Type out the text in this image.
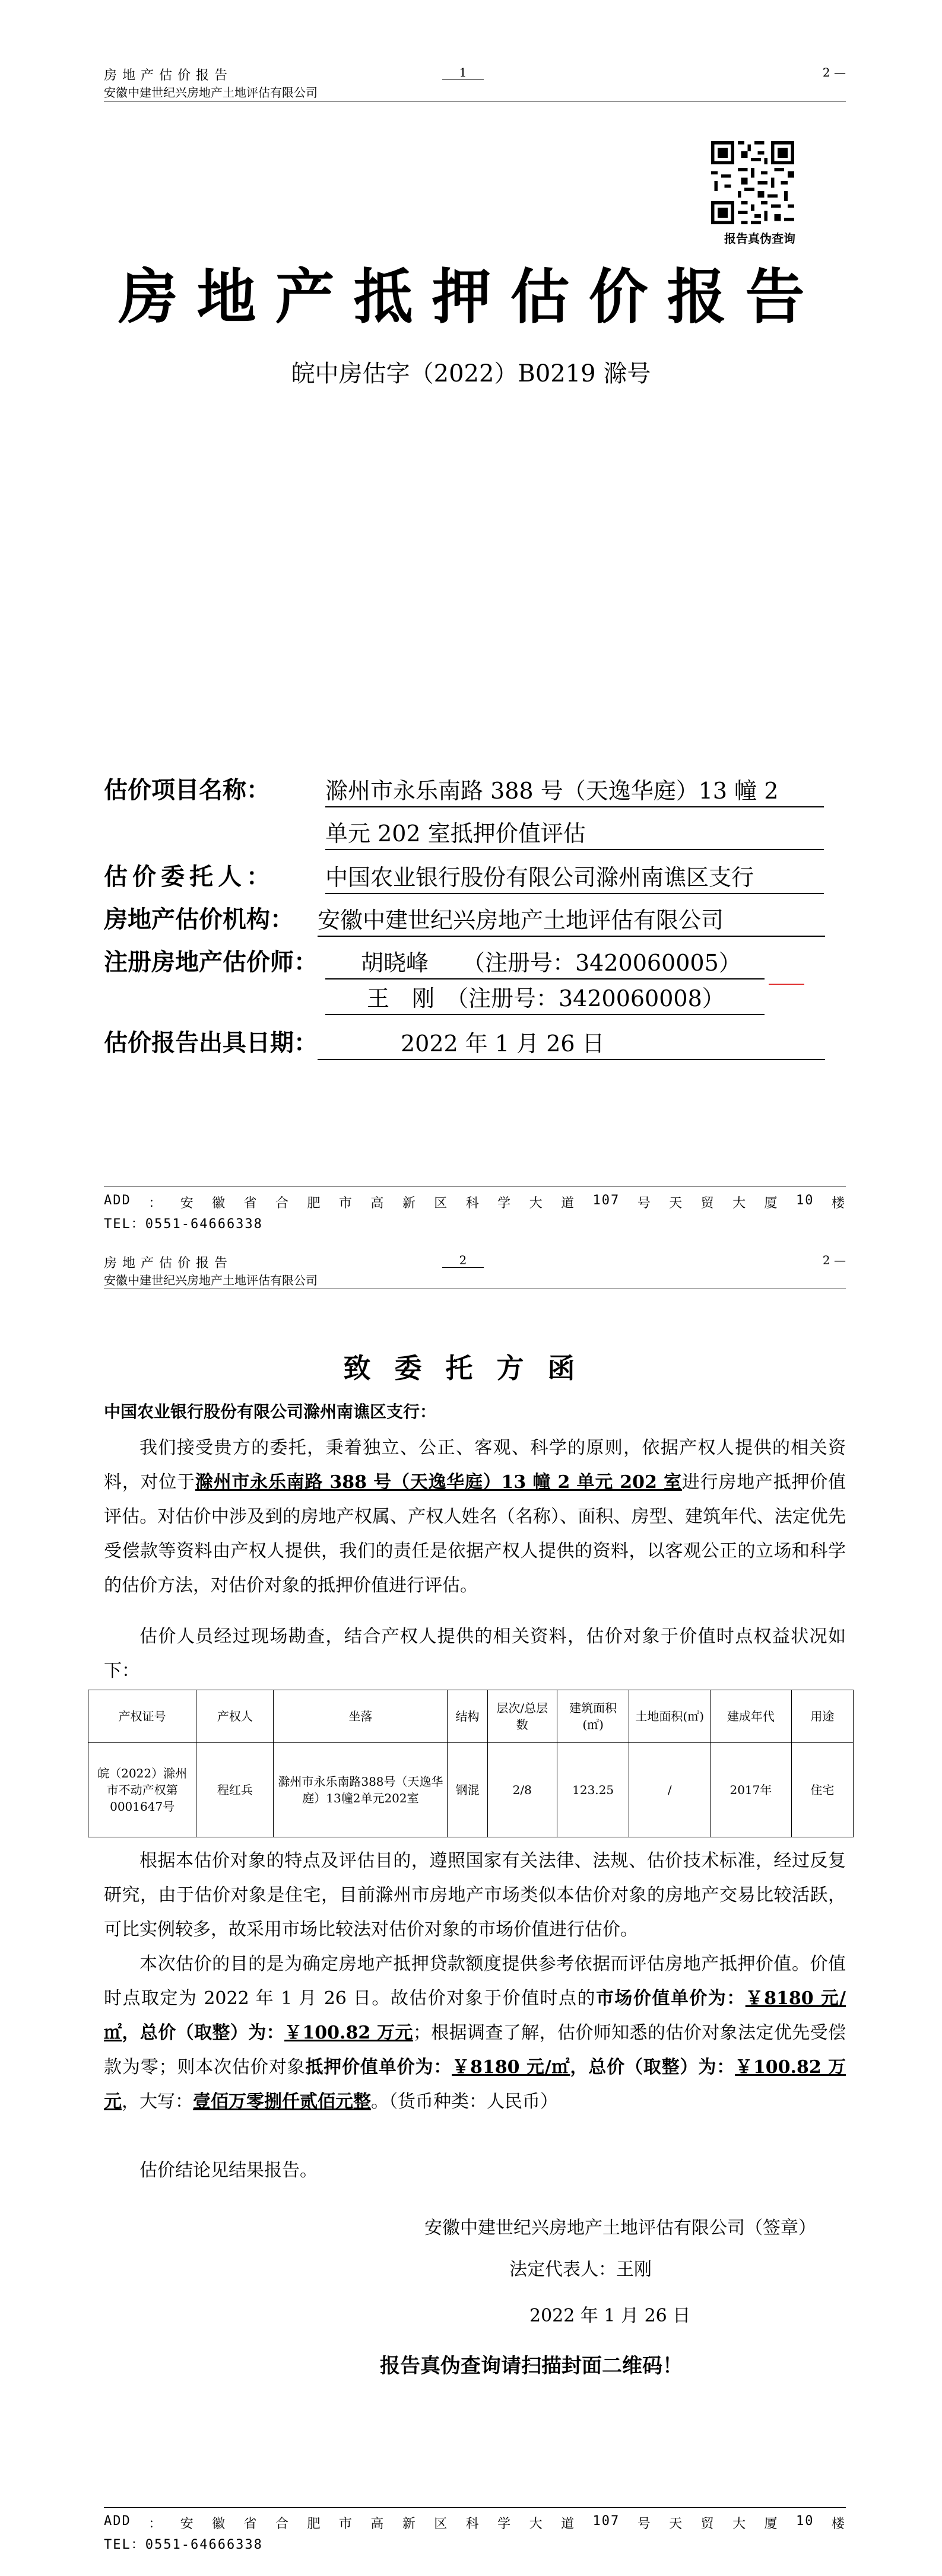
房地产估价报告
安徽中建世纪兴房地产土地评估有限公司
1	2 —
报告真伪查询
房地产抵押估价报告
皖中房估字（2022）B0219 滁号
估价项目名称： 滁州市永乐南路 388 号（天逸华庭）13 幢 2
单元 202 室抵押价值评估
估价委托人： 中国农业银行股份有限公司滁州南谯区支行
房地产估价机构： 安徽中建世纪兴房地产土地评估有限公司
注册房地产估价师：	胡晓峰　　（注册号：3420060005）
王　刚　（注册号：3420060008）
估价报告出具日期：	2022 年 1 月 26 日
ADD ： 安 徽 省 合 肥 市 高 新 区 科 学 大 道 107 号 天 贸 大 厦 10 楼
TEL：0551-64666338
房地产估价报告
安徽中建世纪兴房地产土地评估有限公司
2	2 —
致委托方函
中国农业银行股份有限公司滁州南谯区支行：
我们接受贵方的委托，秉着独立、公正、客观、科学的原则，依据产权人提供的相关资料，对位于滁州市永乐南路 388 号（天逸华庭）13 幢 2 单元 202 室进行房地产抵押价值评估。对估价中涉及到的房地产权属、产权人姓名（名称）、面积、房型、建筑年代、法定优先受偿款等资料由产权人提供，我们的责任是依据产权人提供的资料，以客观公正的立场和科学的估价方法，对估价对象的抵押价值进行评估。
估价人员经过现场勘查，结合产权人提供的相关资料，估价对象于价值时点权益状况如下：
产权证号	产权人	坐落	结构	层次/总层数	建筑面积(㎡)	土地面积(㎡)	建成年代	用途
皖（2022）滁州市不动产权第0001647号	程红兵	滁州市永乐南路388号（天逸华庭）13幢2单元202室	钢混	2/8	123.25	/	2017年	住宅
根据本估价对象的特点及评估目的，遵照国家有关法律、法规、估价技术标准，经过反复研究，由于估价对象是住宅，目前滁州市房地产市场类似本估价对象的房地产交易比较活跃，可比实例较多，故采用市场比较法对估价对象的市场价值进行估价。
本次估价的目的是为确定房地产抵押贷款额度提供参考依据而评估房地产抵押价值。价值时点取定为 2022 年 1 月 26 日。故估价对象于价值时点的市场价值单价为：￥8180 元/㎡，总价（取整）为：￥100.82 万元；根据调查了解，估价师知悉的估价对象法定优先受偿款为零；则本次估价对象抵押价值单价为：￥8180 元/㎡，总价（取整）为：￥100.82 万元，大写：壹佰万零捌仟贰佰元整。（货币种类：人民币）
估价结论见结果报告。
安徽中建世纪兴房地产土地评估有限公司（签章）
法定代表人：王刚
2022 年 1 月 26 日
报告真伪查询请扫描封面二维码！
ADD ： 安 徽 省 合 肥 市 高 新 区 科 学 大 道 107 号 天 贸 大 厦 10 楼
TEL：0551-64666338
